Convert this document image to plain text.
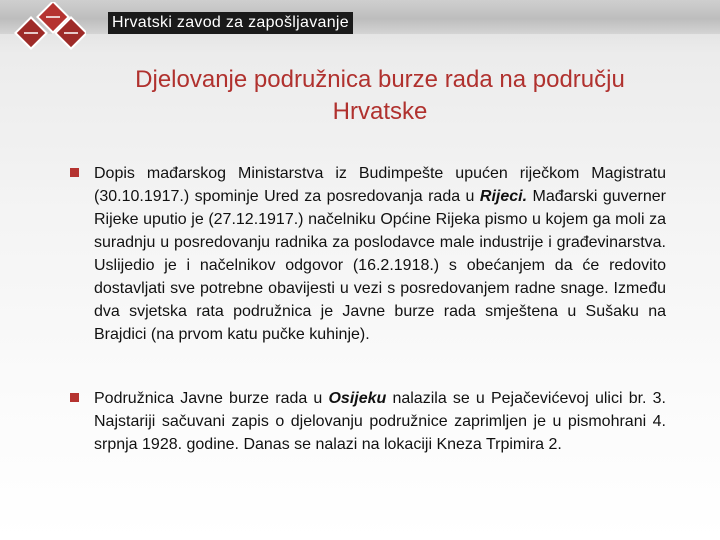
Hrvatski zavod za zapošljavanje
Djelovanje podružnica burze rada na području
Hrvatske

Dopis mađarskog Ministarstva iz Budimpešte upućen riječkom Magistratu (30.10.1917.) spominje Ured za posredovanja rada u Rijeci. Mađarski guverner Rijeke uputio je (27.12.1917.) načelniku Općine Rijeka pismo u kojem ga moli za suradnju u posredovanju radnika za poslodavce male industrije i građevinarstva. Uslijedio je i načelnikov odgovor (16.2.1918.) s obećanjem da će redovito dostavljati sve potrebne obavijesti u vezi s posredovanjem radne snage. Između dva svjetska rata podružnica je Javne burze rada smještena u Sušaku na Brajdici (na prvom katu pučke kuhinje).

Podružnica Javne burze rada u Osijeku nalazila se u Pejačevićevoj ulici br. 3. Najstariji sačuvani zapis o djelovanju podružnice zaprimljen je u pismohrani 4. srpnja 1928. godine. Danas se nalazi na lokaciji Kneza Trpimira 2.
